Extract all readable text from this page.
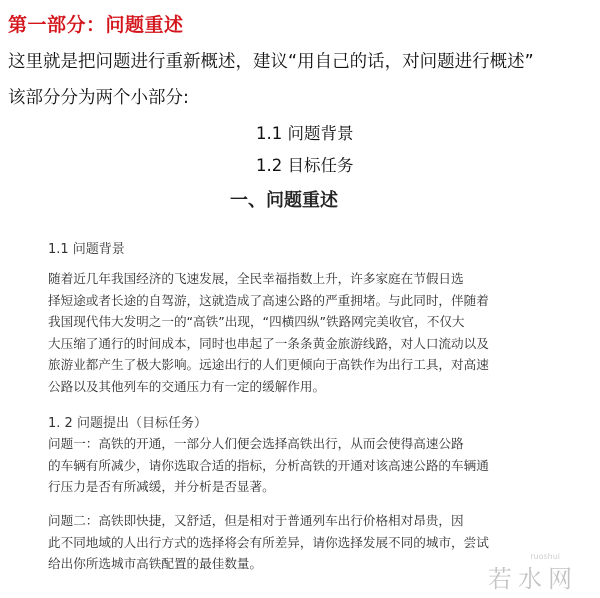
第一部分：问题重述
这里就是把问题进行重新概述，建议“用自己的话，对问题进行概述”
该部分分为两个小部分:
1.1 问题背景
1.2 目标任务
一、问题重述
1.1 问题背景
随着近几年我国经济的飞速发展，全民幸福指数上升，许多家庭在节假日选
择短途或者长途的自驾游，这就造成了高速公路的严重拥堵。与此同时，伴随着
我国现代伟大发明之一的“高铁”出现，“四横四纵”铁路网完美收官，不仅大
大压缩了通行的时间成本，同时也串起了一条条黄金旅游线路，对人口流动以及
旅游业都产生了极大影响。远途出行的人们更倾向于高铁作为出行工具，对高速
公路以及其他列车的交通压力有一定的缓解作用。
1. 2 问题提出（目标任务）
问题一：高铁的开通，一部分人们便会选择高铁出行，从而会使得高速公路
的车辆有所减少，请你选取合适的指标，分析高铁的开通对该高速公路的车辆通
行压力是否有所减缓，并分析是否显著。
问题二：高铁即快捷，又舒适，但是相对于普通列车出行价格相对昂贵，因
此不同地域的人出行方式的选择将会有所差异，请你选择发展不同的城市，尝试
给出你所选城市高铁配置的最佳数量。	ruoshui
若水网
